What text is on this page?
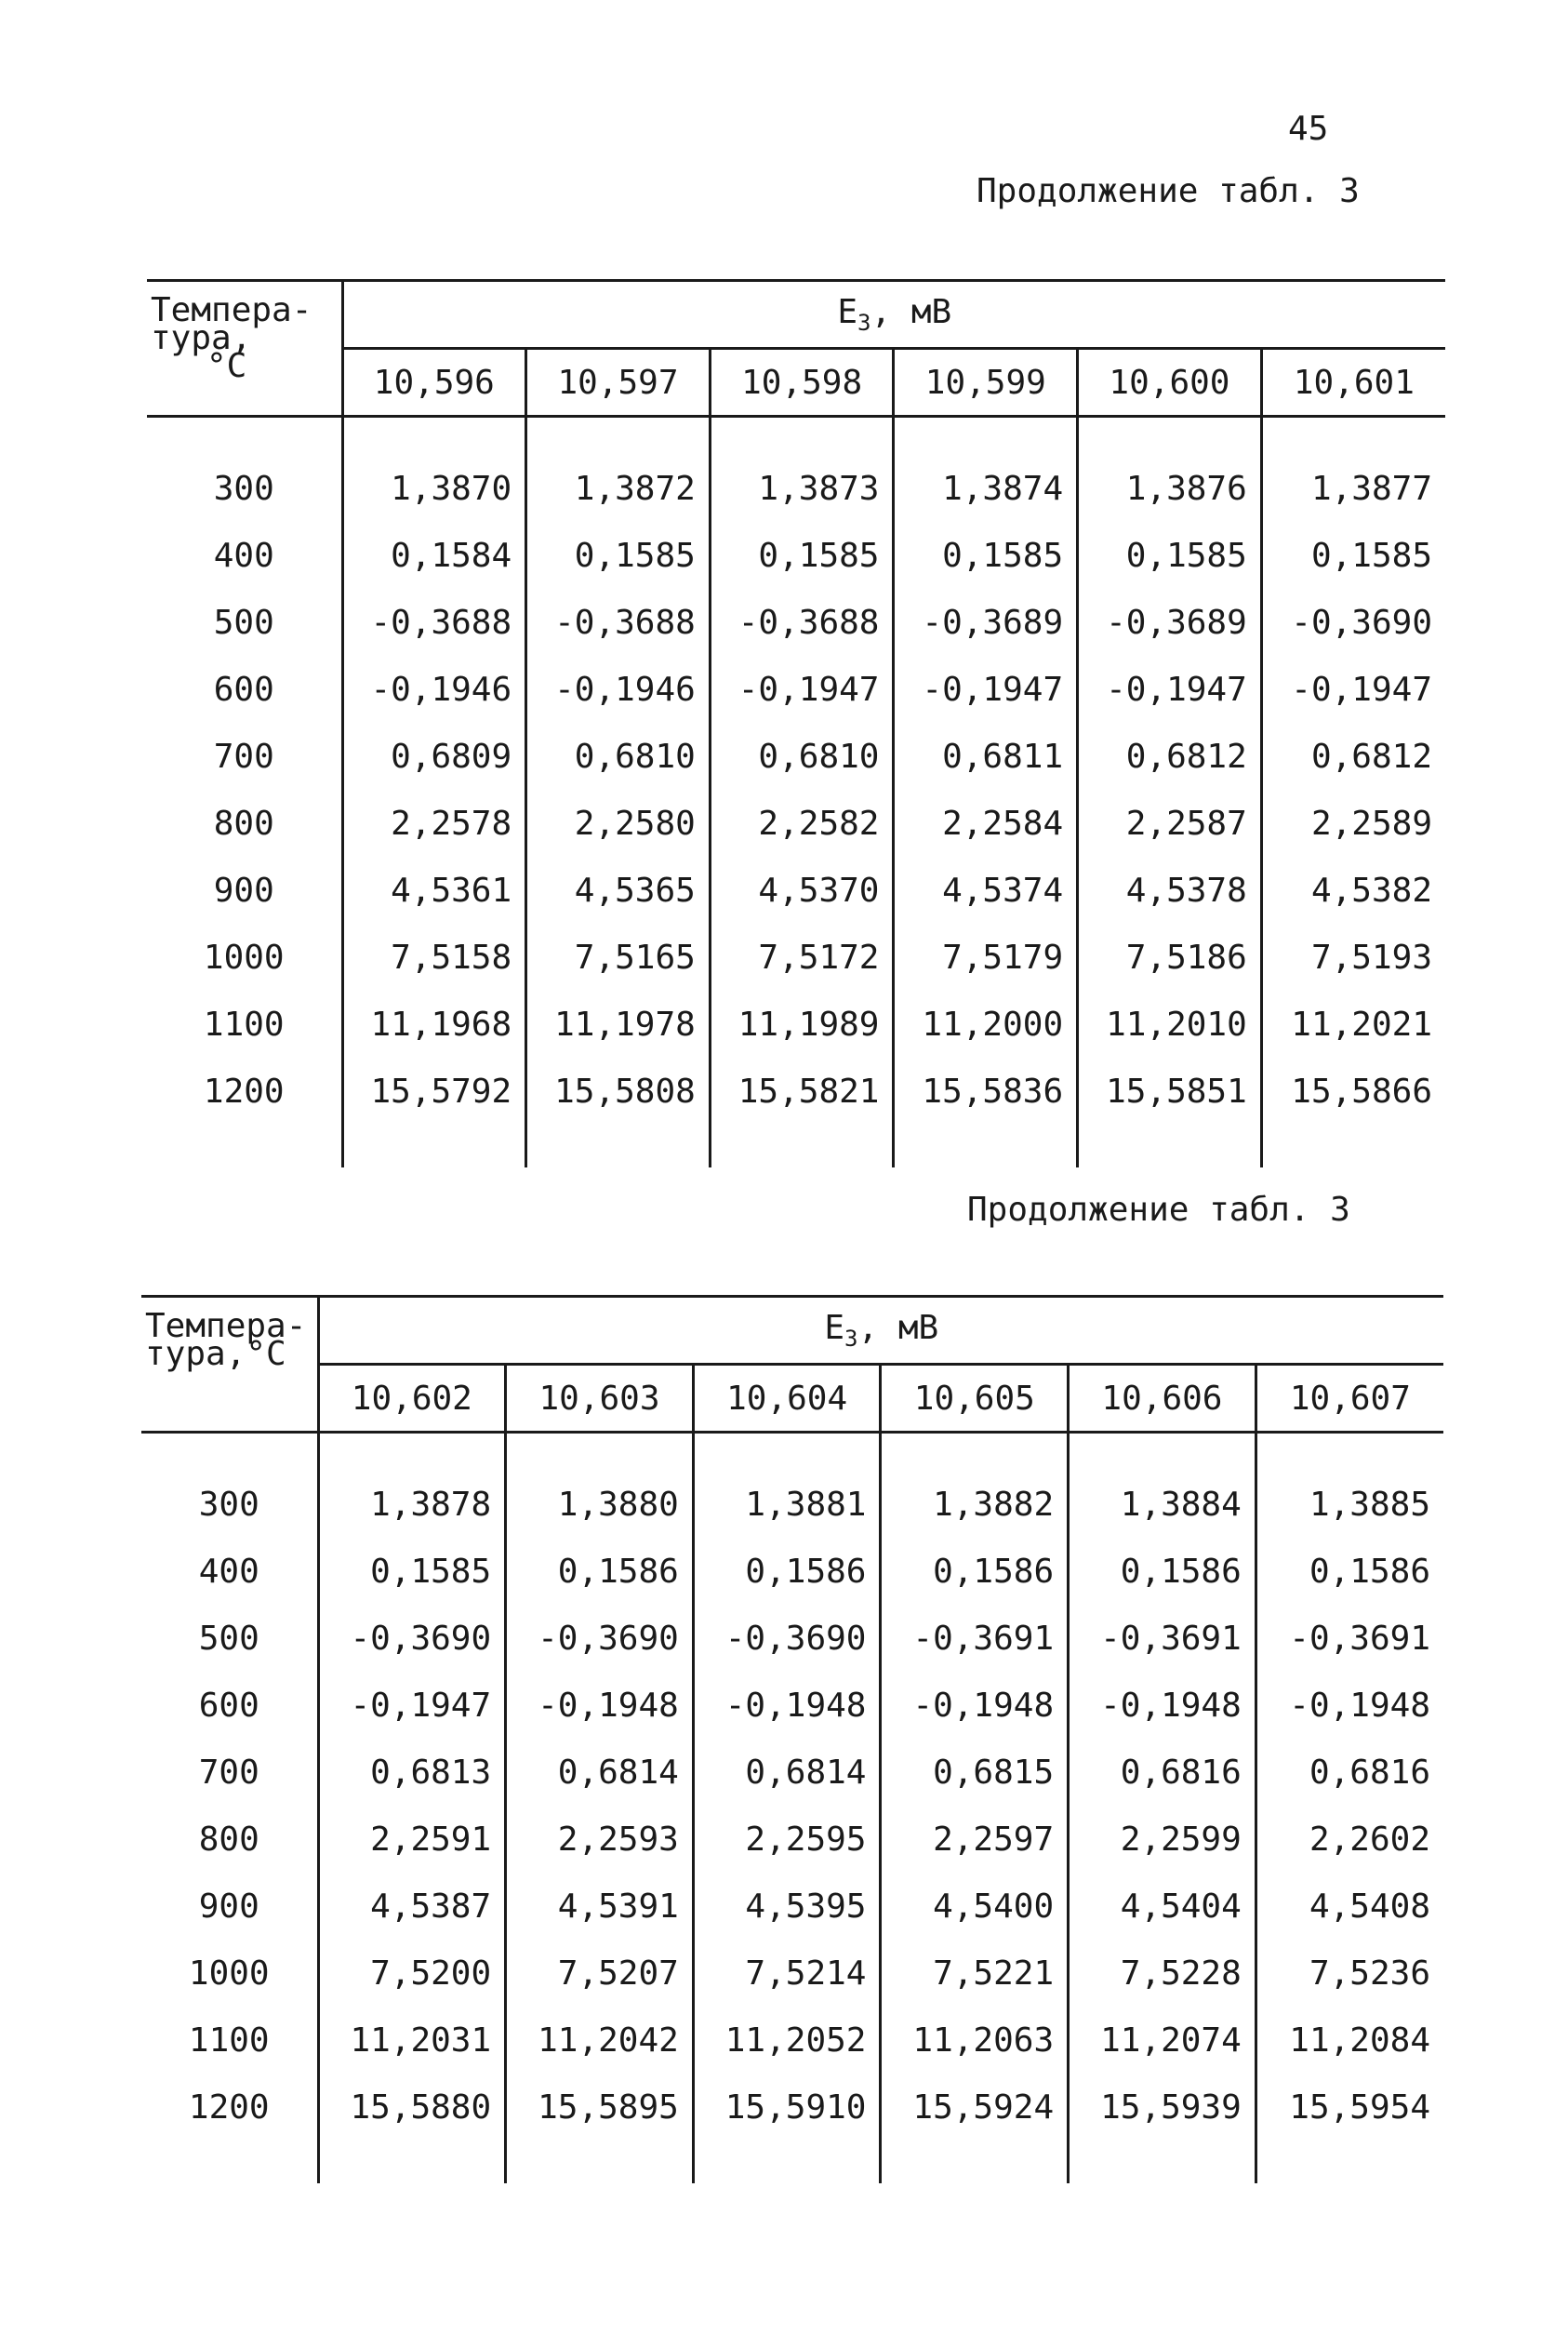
45
Продолжение табл. 3
Темпера-
тура,
°C	$E_3$, мВ					
	10,596	10,597	10,598	10,599	10,600	10,601

300	1,3870	1,3872	1,3873	1,3874	1,3876	1,3877
400	0,1584	0,1585	0,1585	0,1585	0,1585	0,1585
500	-0,3688	-0,3688	-0,3688	-0,3689	-0,3689	-0,3690
600	-0,1946	-0,1946	-0,1947	-0,1947	-0,1947	-0,1947
700	0,6809	0,6810	0,6810	0,6811	0,6812	0,6812
800	2,2578	2,2580	2,2582	2,2584	2,2587	2,2589
900	4,5361	4,5365	4,5370	4,5374	4,5378	4,5382
1000	7,5158	7,5165	7,5172	7,5179	7,5186	7,5193
1100	11,1968	11,1978	11,1989	11,2000	11,2010	11,2021
1200	15,5792	15,5808	15,5821	15,5836	15,5851	15,5866

Продолжение табл. 3
Темпера-
тура,°C	$E_3$, мВ					
	10,602	10,603	10,604	10,605	10,606	10,607

300	1,3878	1,3880	1,3881	1,3882	1,3884	1,3885
400	0,1585	0,1586	0,1586	0,1586	0,1586	0,1586
500	-0,3690	-0,3690	-0,3690	-0,3691	-0,3691	-0,3691
600	-0,1947	-0,1948	-0,1948	-0,1948	-0,1948	-0,1948
700	0,6813	0,6814	0,6814	0,6815	0,6816	0,6816
800	2,2591	2,2593	2,2595	2,2597	2,2599	2,2602
900	4,5387	4,5391	4,5395	4,5400	4,5404	4,5408
1000	7,5200	7,5207	7,5214	7,5221	7,5228	7,5236
1100	11,2031	11,2042	11,2052	11,2063	11,2074	11,2084
1200	15,5880	15,5895	15,5910	15,5924	15,5939	15,5954
